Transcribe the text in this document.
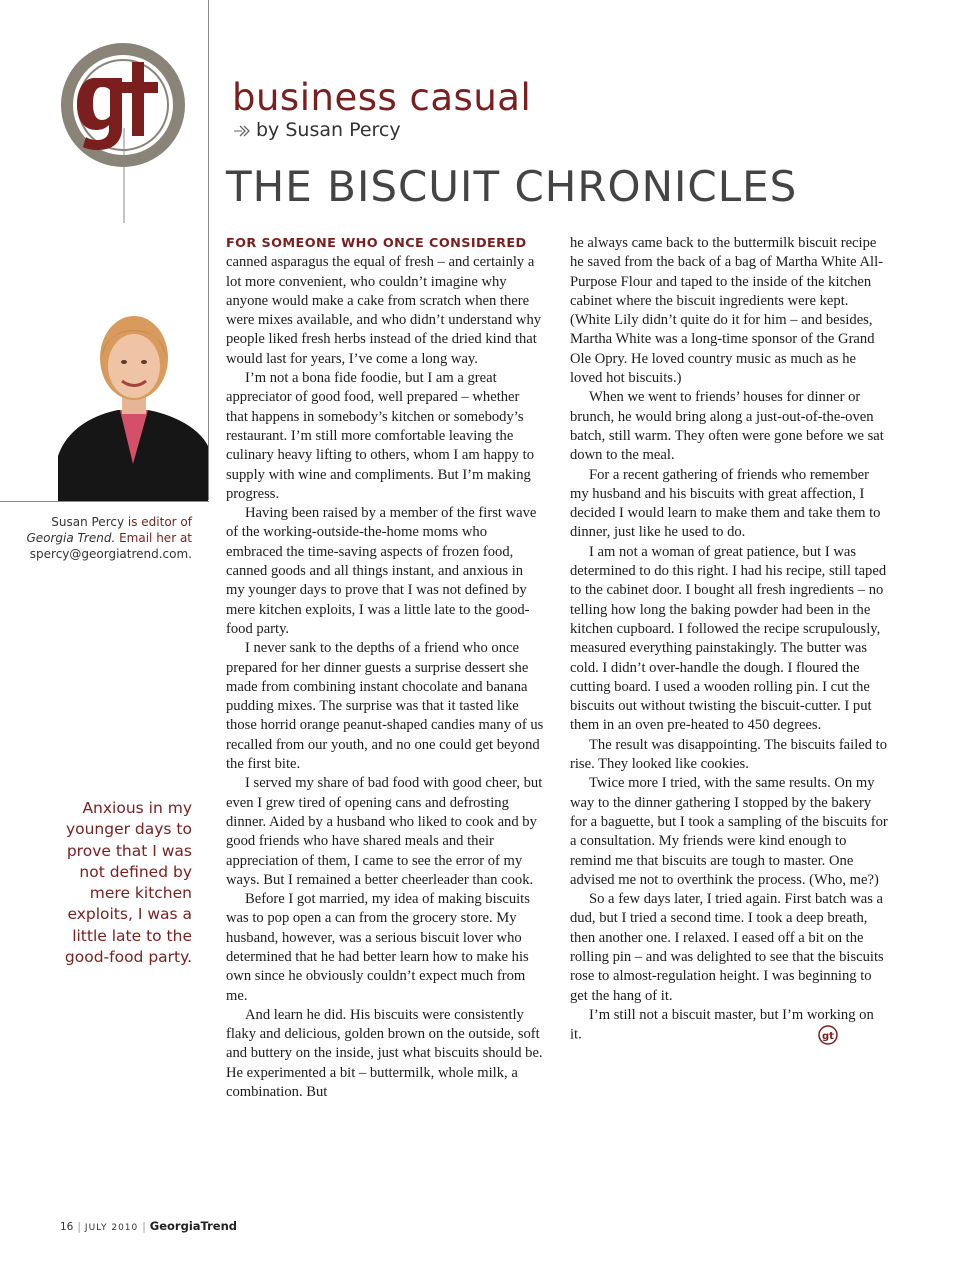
business casual
by Susan Percy
THE BISCUIT CHRONICLES
Susan Percy is editor of
Georgia Trend. Email her at
spercy@georgiatrend.com.
Anxious in my younger days to prove that I was not defined by mere kitchen exploits, I was a little late to the good-food party.

FOR SOMEONE WHO ONCE CONSIDERED
canned asparagus the equal of fresh – and certainly a lot more convenient, who couldn’t imagine why anyone would make a cake from scratch when there were mixes available, and who didn’t understand why people liked fresh herbs instead of the dried kind that would last for years, I’ve come a long way.

I’m not a bona fide foodie, but I am a great appreciator of good food, well prepared – whether that happens in somebody’s kitchen or somebody’s restaurant. I’m still more comfortable leaving the culinary heavy lifting to others, whom I am happy to supply with wine and compliments. But I’m making progress.

Having been raised by a member of the first wave of the working-outside-the-home moms who embraced the time-saving aspects of frozen food, canned goods and all things instant, and anxious in my younger days to prove that I was not defined by mere kitchen exploits, I was a little late to the good-food party.

I never sank to the depths of a friend who once prepared for her dinner guests a surprise dessert she made from combining instant chocolate and banana pudding mixes. The surprise was that it tasted like those horrid orange peanut-shaped candies many of us recalled from our youth, and no one could get beyond the first bite.

I served my share of bad food with good cheer, but even I grew tired of opening cans and defrosting dinner. Aided by a husband who liked to cook and by good friends who have shared meals and their appreciation of them, I came to see the error of my ways. But I remained a better cheerleader than cook.

Before I got married, my idea of making biscuits was to pop open a can from the grocery store. My husband, however, was a serious biscuit lover who determined that he had better learn how to make his own since he obviously couldn’t expect much from me.

And learn he did. His biscuits were consistently flaky and delicious, golden brown on the outside, soft and buttery on the inside, just what biscuits should be. He experimented a bit – buttermilk, whole milk, a combination. But

he always came back to the buttermilk biscuit recipe he saved from the back of a bag of Martha White All-Purpose Flour and taped to the inside of the kitchen cabinet where the biscuit ingredients were kept. (White Lily didn’t quite do it for him – and besides, Martha White was a long-time sponsor of the Grand Ole Opry. He loved country music as much as he loved hot biscuits.)

When we went to friends’ houses for dinner or brunch, he would bring along a just-out-of-the-oven batch, still warm. They often were gone before we sat down to the meal.

For a recent gathering of friends who remember my husband and his biscuits with great affection, I decided I would learn to make them and take them to dinner, just like he used to do.

I am not a woman of great patience, but I was determined to do this right. I had his recipe, still taped to the cabinet door. I bought all fresh ingredients – no telling how long the baking powder had been in the kitchen cupboard. I followed the recipe scrupulously, measured everything painstakingly. The butter was cold. I didn’t over-handle the dough. I floured the cutting board. I used a wooden rolling pin. I cut the biscuits out without twisting the biscuit-cutter. I put them in an oven pre-heated to 450 degrees.

The result was disappointing. The biscuits failed to rise. They looked like cookies.

Twice more I tried, with the same results. On my way to the dinner gathering I stopped by the bakery for a baguette, but I took a sampling of the biscuits for a consultation. My friends were kind enough to remind me that biscuits are tough to master. One advised me not to overthink the process. (Who, me?)

So a few days later, I tried again. First batch was a dud, but I tried a second time. I took a deep breath, then another one. I relaxed. I eased off a bit on the rolling pin – and was delighted to see that the biscuits rose to almost-regulation height. I was beginning to get the hang of it.

I’m still not a biscuit master, but I’m working on it.	gt

16 | JULY 2010 | GeorgiaTrend
